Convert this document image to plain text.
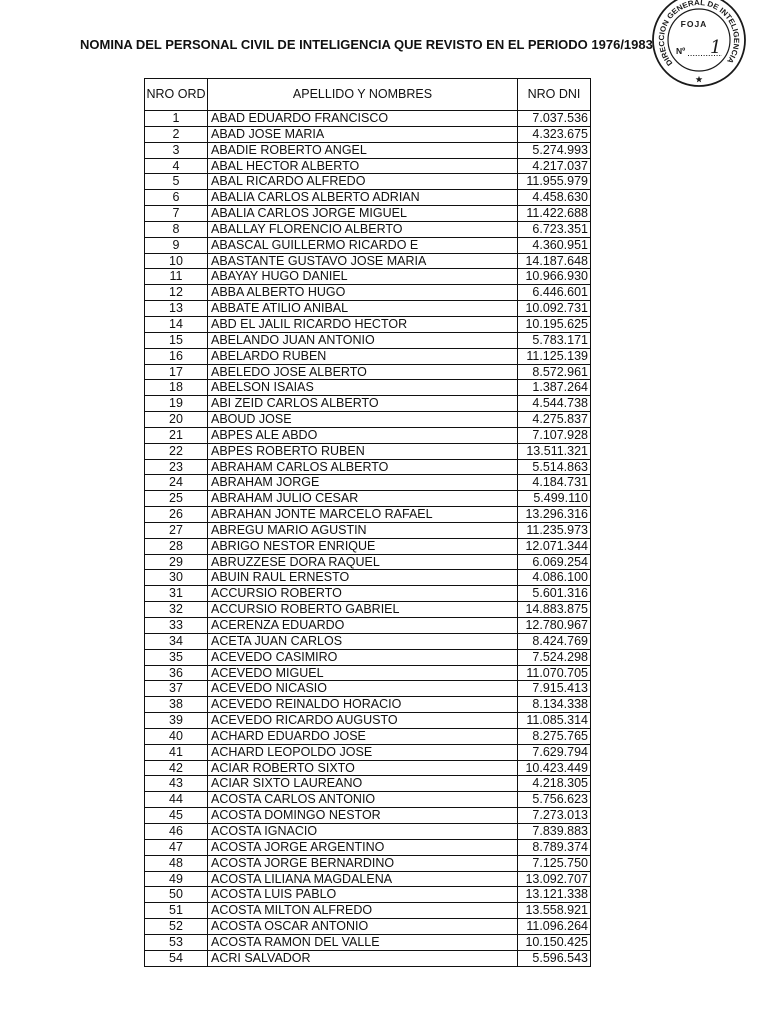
NOMINA DEL PERSONAL CIVIL DE INTELIGENCIA QUE REVISTO EN EL PERIODO 1976/1983
DIRECCION GENERAL DE INTELIGENCIA
FOJA
Nº 1
NRO ORD	APELLIDO Y NOMBRES	NRO DNI
1	ABAD EDUARDO FRANCISCO	7.037.536
2	ABAD JOSE MARIA	4.323.675
3	ABADIE ROBERTO ANGEL	5.274.993
4	ABAL HECTOR ALBERTO	4.217.037
5	ABAL RICARDO ALFREDO	11.955.979
6	ABALIA CARLOS ALBERTO ADRIAN	4.458.630
7	ABALIA CARLOS JORGE MIGUEL	11.422.688
8	ABALLAY FLORENCIO ALBERTO	6.723.351
9	ABASCAL GUILLERMO RICARDO E	4.360.951
10	ABASTANTE GUSTAVO JOSE MARIA	14.187.648
11	ABAYAY HUGO DANIEL	10.966.930
12	ABBA ALBERTO HUGO	6.446.601
13	ABBATE ATILIO ANIBAL	10.092.731
14	ABD EL JALIL RICARDO HECTOR	10.195.625
15	ABELANDO JUAN ANTONIO	5.783.171
16	ABELARDO RUBEN	11.125.139
17	ABELEDO JOSE ALBERTO	8.572.961
18	ABELSON ISAIAS	1.387.264
19	ABI ZEID CARLOS ALBERTO	4.544.738
20	ABOUD JOSE	4.275.837
21	ABPES ALE ABDO	7.107.928
22	ABPES ROBERTO RUBEN	13.511.321
23	ABRAHAM CARLOS ALBERTO	5.514.863
24	ABRAHAM JORGE	4.184.731
25	ABRAHAM JULIO CESAR	5.499.110
26	ABRAHAN JONTE MARCELO RAFAEL	13.296.316
27	ABREGU MARIO AGUSTIN	11.235.973
28	ABRIGO NESTOR ENRIQUE	12.071.344
29	ABRUZZESE DORA RAQUEL	6.069.254
30	ABUIN RAUL ERNESTO	4.086.100
31	ACCURSIO ROBERTO	5.601.316
32	ACCURSIO ROBERTO GABRIEL	14.883.875
33	ACERENZA EDUARDO	12.780.967
34	ACETA JUAN CARLOS	8.424.769
35	ACEVEDO CASIMIRO	7.524.298
36	ACEVEDO MIGUEL	11.070.705
37	ACEVEDO NICASIO	7.915.413
38	ACEVEDO REINALDO HORACIO	8.134.338
39	ACEVEDO RICARDO AUGUSTO	11.085.314
40	ACHARD EDUARDO JOSE	8.275.765
41	ACHARD LEOPOLDO JOSE	7.629.794
42	ACIAR ROBERTO SIXTO	10.423.449
43	ACIAR SIXTO LAUREANO	4.218.305
44	ACOSTA CARLOS ANTONIO	5.756.623
45	ACOSTA DOMINGO NESTOR	7.273.013
46	ACOSTA IGNACIO	7.839.883
47	ACOSTA JORGE ARGENTINO	8.789.374
48	ACOSTA JORGE BERNARDINO	7.125.750
49	ACOSTA LILIANA MAGDALENA	13.092.707
50	ACOSTA LUIS PABLO	13.121.338
51	ACOSTA MILTON ALFREDO	13.558.921
52	ACOSTA OSCAR ANTONIO	11.096.264
53	ACOSTA RAMON DEL VALLE	10.150.425
54	ACRI SALVADOR	5.596.543
